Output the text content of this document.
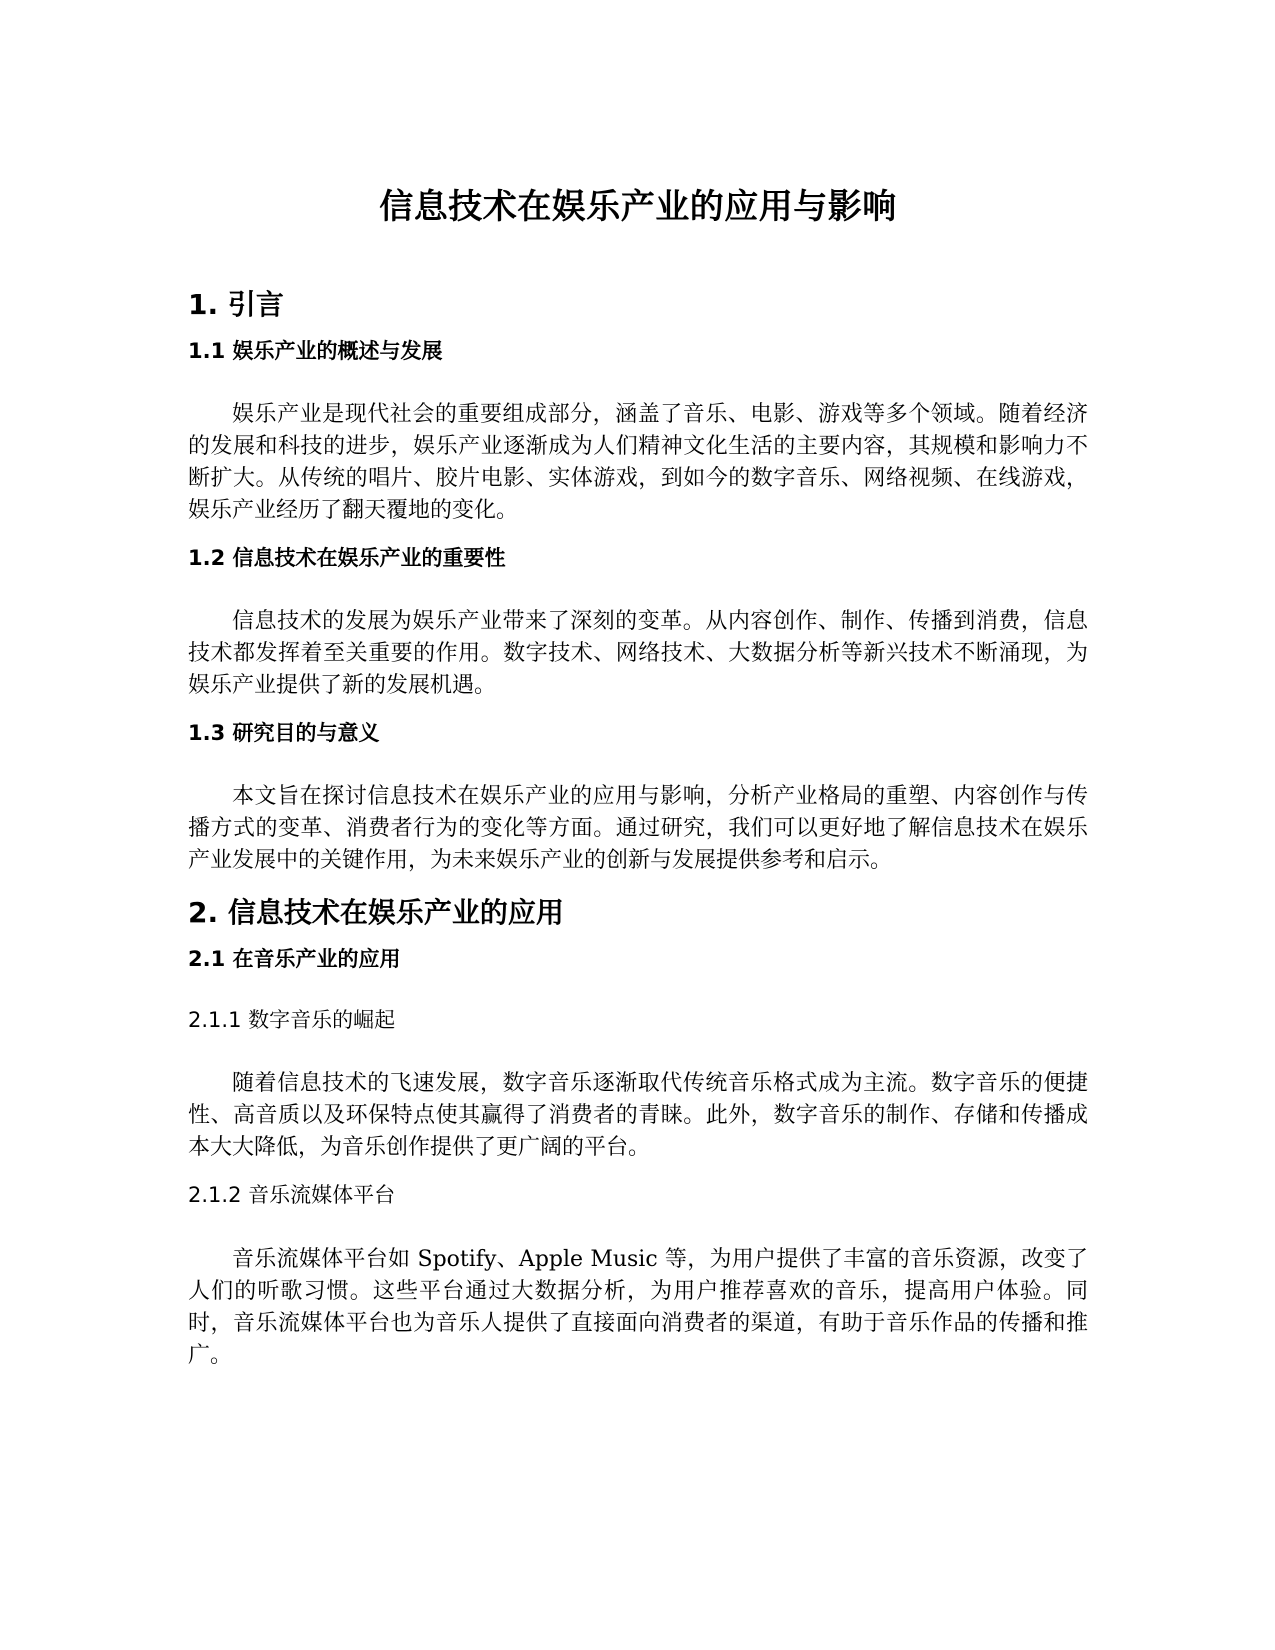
信息技术在娱乐产业的应用与影响
1. 引言
1.1 娱乐产业的概述与发展

娱乐产业是现代社会的重要组成部分，涵盖了音乐、电影、游戏等多个领域。随着经济的发展和科技的进步，娱乐产业逐渐成为人们精神文化生活的主要内容，其规模和影响力不断扩大。从传统的唱片、胶片电影、实体游戏，到如今的数字音乐、网络视频、在线游戏，娱乐产业经历了翻天覆地的变化。

1.2 信息技术在娱乐产业的重要性

信息技术的发展为娱乐产业带来了深刻的变革。从内容创作、制作、传播到消费，信息技术都发挥着至关重要的作用。数字技术、网络技术、大数据分析等新兴技术不断涌现，为娱乐产业提供了新的发展机遇。

1.3 研究目的与意义

本文旨在探讨信息技术在娱乐产业的应用与影响，分析产业格局的重塑、内容创作与传播方式的变革、消费者行为的变化等方面。通过研究，我们可以更好地了解信息技术在娱乐产业发展中的关键作用，为未来娱乐产业的创新与发展提供参考和启示。

2. 信息技术在娱乐产业的应用
2.1 在音乐产业的应用
2.1.1 数字音乐的崛起

随着信息技术的飞速发展，数字音乐逐渐取代传统音乐格式成为主流。数字音乐的便捷性、高音质以及环保特点使其赢得了消费者的青睐。此外，数字音乐的制作、存储和传播成本大大降低，为音乐创作提供了更广阔的平台。

2.1.2 音乐流媒体平台

音乐流媒体平台如 Spotify、Apple Music 等，为用户提供了丰富的音乐资源，改变了人们的听歌习惯。这些平台通过大数据分析，为用户推荐喜欢的音乐，提高用户体验。同时，音乐流媒体平台也为音乐人提供了直接面向消费者的渠道，有助于音乐作品的传播和推广。
